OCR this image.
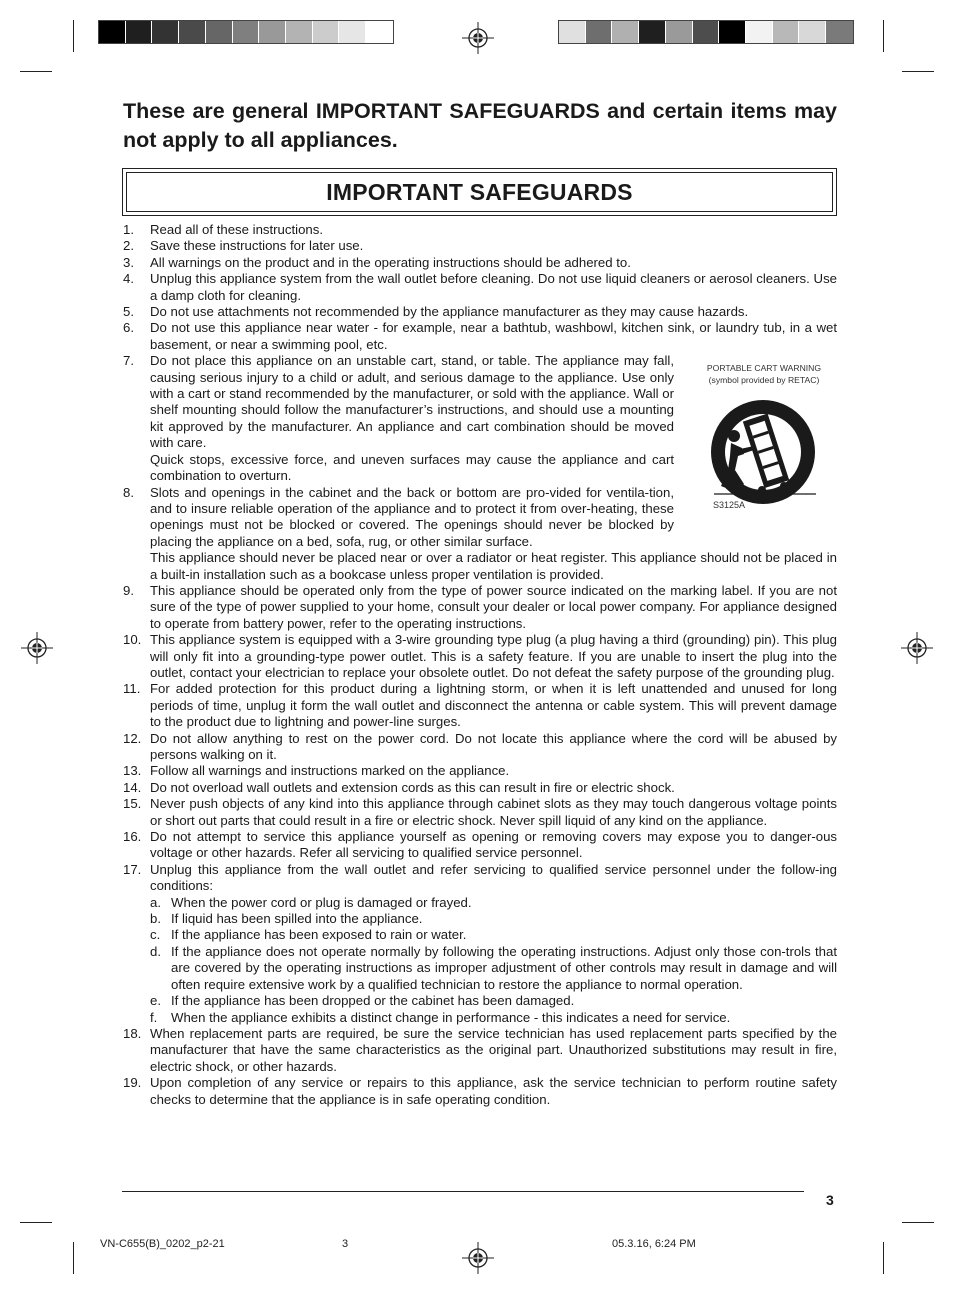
These are general IMPORTANT SAFEGUARDS and certain items may not apply to all appliances.
IMPORTANT SAFEGUARDS
PORTABLE CART WARNING
(symbol provided by RETAC)
S3125A
1. Read all of these instructions.
2. Save these instructions for later use.
3. All warnings on the product and in the operating instructions should be adhered to.
4. Unplug this appliance system from the wall outlet before cleaning. Do not use liquid cleaners or aerosol cleaners. Use a damp cloth for cleaning.
5. Do not use attachments not recommended by the appliance manufacturer as they may cause hazards.
6. Do not use this appliance near water - for example, near a bathtub, washbowl, kitchen sink, or laundry tub, in a wet basement, or near a swimming pool, etc.
7. Do not place this appliance on an unstable cart, stand, or table. The appliance may fall, causing serious injury to a child or adult, and serious damage to the appliance. Use only with a cart or stand recommended by the manufacturer, or sold with the appliance. Wall or shelf mounting should follow the manufacturer’s instructions, and should use a mounting kit approved by the manufacturer. An appliance and cart combination should be moved with care.
Quick stops, excessive force, and uneven surfaces may cause the appliance and cart combination to overturn.
8. Slots and openings in the cabinet and the back or bottom are pro-vided for ventila-tion, and to insure reliable operation of the appliance and to protect it from over-heating, these openings must not be blocked or covered. The openings should never be blocked by placing the appliance on a bed, sofa, rug, or other similar surface.
This appliance should never be placed near or over a radiator or heat register. This appliance should not be placed in a built-in installation such as a bookcase unless proper ventilation is provided.
9. This appliance should be operated only from the type of power source indicated on the marking label. If you are not sure of the type of power supplied to your home, consult your dealer or local power company. For appliance designed to operate from battery power, refer to the operating instructions.
10. This appliance system is equipped with a 3-wire grounding type plug (a plug having a third (grounding) pin). This plug will only fit into a grounding-type power outlet. This is a safety feature. If you are unable to insert the plug into the outlet, contact your electrician to replace your obsolete outlet. Do not defeat the safety purpose of the grounding plug.
11. For added protection for this product during a lightning storm, or when it is left unattended and unused for long periods of time, unplug it form the wall outlet and disconnect the antenna or cable system. This will prevent damage to the product due to lightning and power-line surges.
12. Do not allow anything to rest on the power cord. Do not locate this appliance where the cord will be abused by persons walking on it.
13. Follow all warnings and instructions marked on the appliance.
14. Do not overload wall outlets and extension cords as this can result in fire or electric shock.
15. Never push objects of any kind into this appliance through cabinet slots as they may touch dangerous voltage points or short out parts that could result in a fire or electric shock. Never spill liquid of any kind on the appliance.
16. Do not attempt to service this appliance yourself as opening or removing covers may expose you to danger-ous voltage or other hazards. Refer all servicing to qualified service personnel.
17. Unplug this appliance from the wall outlet and refer servicing to qualified service personnel under the follow-ing conditions:
a. When the power cord or plug is damaged or frayed.
b. If liquid has been spilled into the appliance.
c. If the appliance has been exposed to rain or water.
d. If the appliance does not operate normally by following the operating instructions. Adjust only those con-trols that are covered by the operating instructions as improper adjustment of other controls may result in damage and will often require extensive work by a qualified technician to restore the appliance to normal operation.
e. If the appliance has been dropped or the cabinet has been damaged.
f. When the appliance exhibits a distinct change in performance - this indicates a need for service.
18. When replacement parts are required, be sure the service technician has used replacement parts specified by the manufacturer that have the same characteristics as the original part. Unauthorized substitutions may result in fire, electric shock, or other hazards.
19. Upon completion of any service or repairs to this appliance, ask the service technician to perform routine safety checks to determine that the appliance is in safe operating condition.
3
VN-C655(B)_0202_p2-21	3	05.3.16, 6:24 PM
